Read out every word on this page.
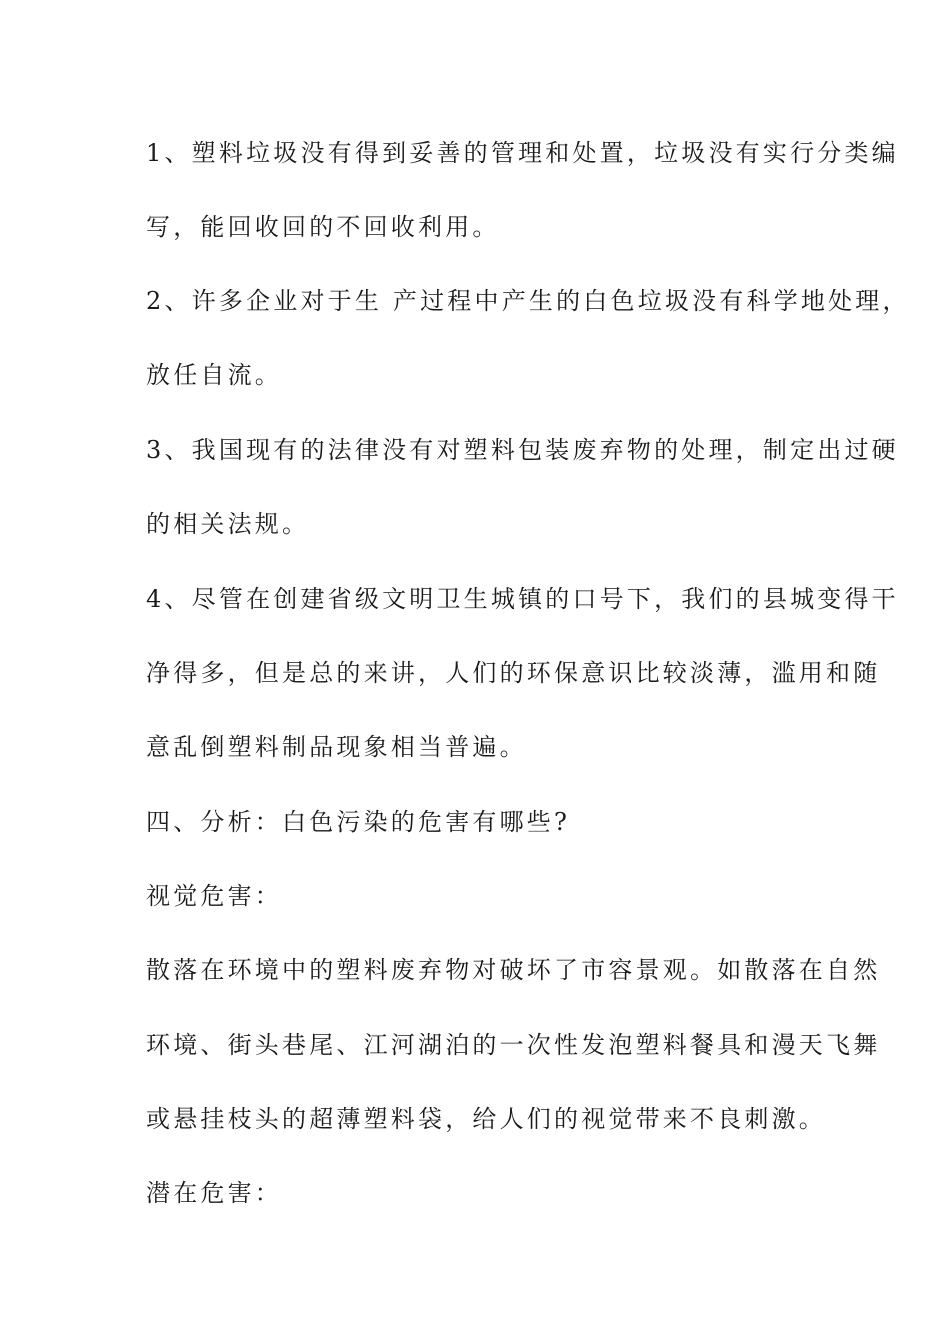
1、塑料垃圾没有得到妥善的管理和处置，垃圾没有实行分类编
写，能回收回的不回收利用。
2、许多企业对于生 产过程中产生的白色垃圾没有科学地处理，
放任自流。
3、我国现有的法律没有对塑料包装废弃物的处理，制定出过硬
的相关法规。
4、尽管在创建省级文明卫生城镇的口号下，我们的县城变得干
净得多，但是总的来讲，人们的环保意识比较淡薄，滥用和随
意乱倒塑料制品现象相当普遍。
四、分析：白色污染的危害有哪些?
视觉危害：
散落在环境中的塑料废弃物对破坏了市容景观。如散落在自然
环境、街头巷尾、江河湖泊的一次性发泡塑料餐具和漫天飞舞
或悬挂枝头的超薄塑料袋，给人们的视觉带来不良刺激。
潜在危害：
